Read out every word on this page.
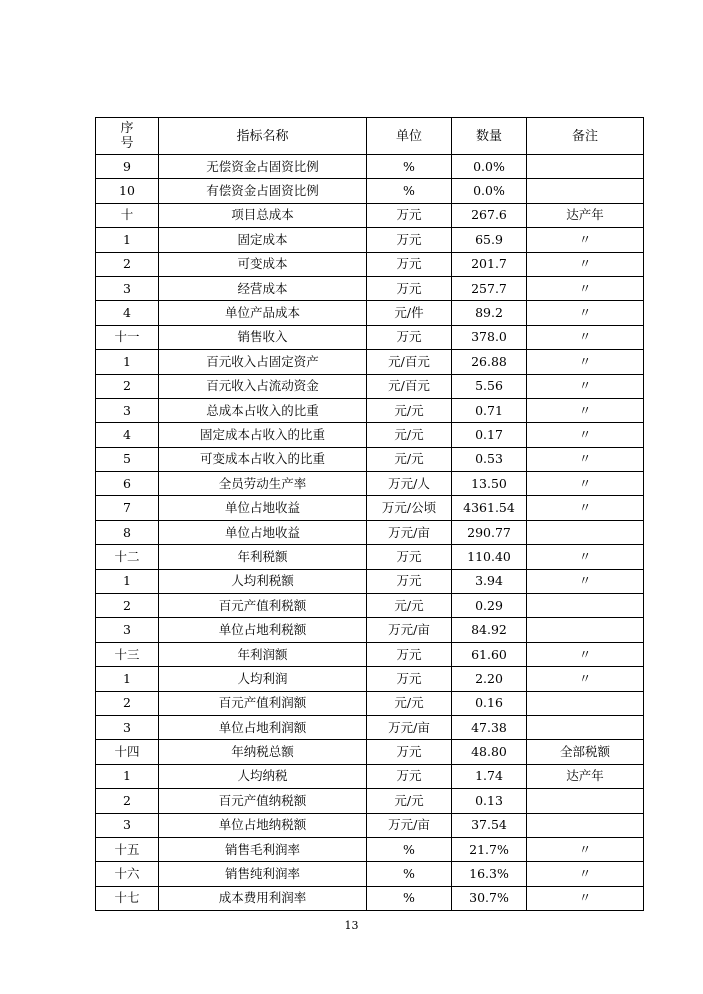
序号	指标名称	单位	数量	备注
9	无偿资金占固资比例	%	0.0%	
10	有偿资金占固资比例	%	0.0%	
十	项目总成本	万元	267.6	达产年
1	固定成本	万元	65.9	〃
2	可变成本	万元	201.7	〃
3	经营成本	万元	257.7	〃
4	单位产品成本	元/件	89.2	〃
十一	销售收入	万元	378.0	〃
1	百元收入占固定资产	元/百元	26.88	〃
2	百元收入占流动资金	元/百元	5.56	〃
3	总成本占收入的比重	元/元	0.71	〃
4	固定成本占收入的比重	元/元	0.17	〃
5	可变成本占收入的比重	元/元	0.53	〃
6	全员劳动生产率	万元/人	13.50	〃
7	单位占地收益	万元/公顷	4361.54	〃
8	单位占地收益	万元/亩	290.77	
十二	年利税额	万元	110.40	〃
1	人均利税额	万元	3.94	〃
2	百元产值利税额	元/元	0.29	
3	单位占地利税额	万元/亩	84.92	
十三	年利润额	万元	61.60	〃
1	人均利润	万元	2.20	〃
2	百元产值利润额	元/元	0.16	
3	单位占地利润额	万元/亩	47.38	
十四	年纳税总额	万元	48.80	全部税额
1	人均纳税	万元	1.74	达产年
2	百元产值纳税额	元/元	0.13	
3	单位占地纳税额	万元/亩	37.54	
十五	销售毛利润率	%	21.7%	〃
十六	销售纯利润率	%	16.3%	〃
十七	成本费用利润率	%	30.7%	〃
13
